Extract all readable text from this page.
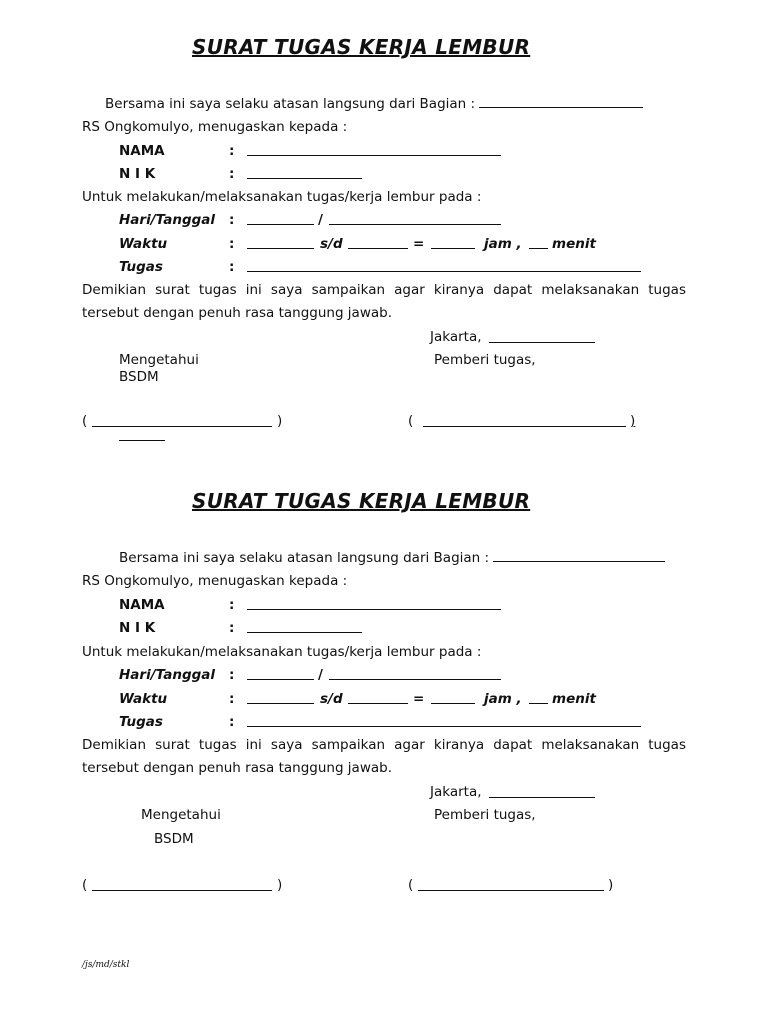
SURAT TUGAS KERJA LEMBUR
Bersama ini saya selaku atasan langsung dari Bagian :
RS Ongkomulyo, menugaskan kepada :
NAMA	:
N I K	:
Untuk melakukan/melaksanakan tugas/kerja lembur pada :
Hari/Tanggal :	/
Waktu	:	s/d	=	jam , menit
Tugas	:
Demikian surat tugas ini saya sampaikan agar kiranya dapat melaksanakan tugas tersebut dengan penuh rasa tanggung jawab.
Jakarta,
Mengetahui	Pemberi tugas,
BSDM
(	)	(	)
SURAT TUGAS KERJA LEMBUR
Bersama ini saya selaku atasan langsung dari Bagian :
RS Ongkomulyo, menugaskan kepada :
NAMA	:
N I K	:
Untuk melakukan/melaksanakan tugas/kerja lembur pada :
Hari/Tanggal :	/
Waktu	:	s/d	=	jam , menit
Tugas	:
Demikian surat tugas ini saya sampaikan agar kiranya dapat melaksanakan tugas tersebut dengan penuh rasa tanggung jawab.
Jakarta,
Mengetahui	Pemberi tugas,
BSDM
(	)	(	)
/js/md/stkl
